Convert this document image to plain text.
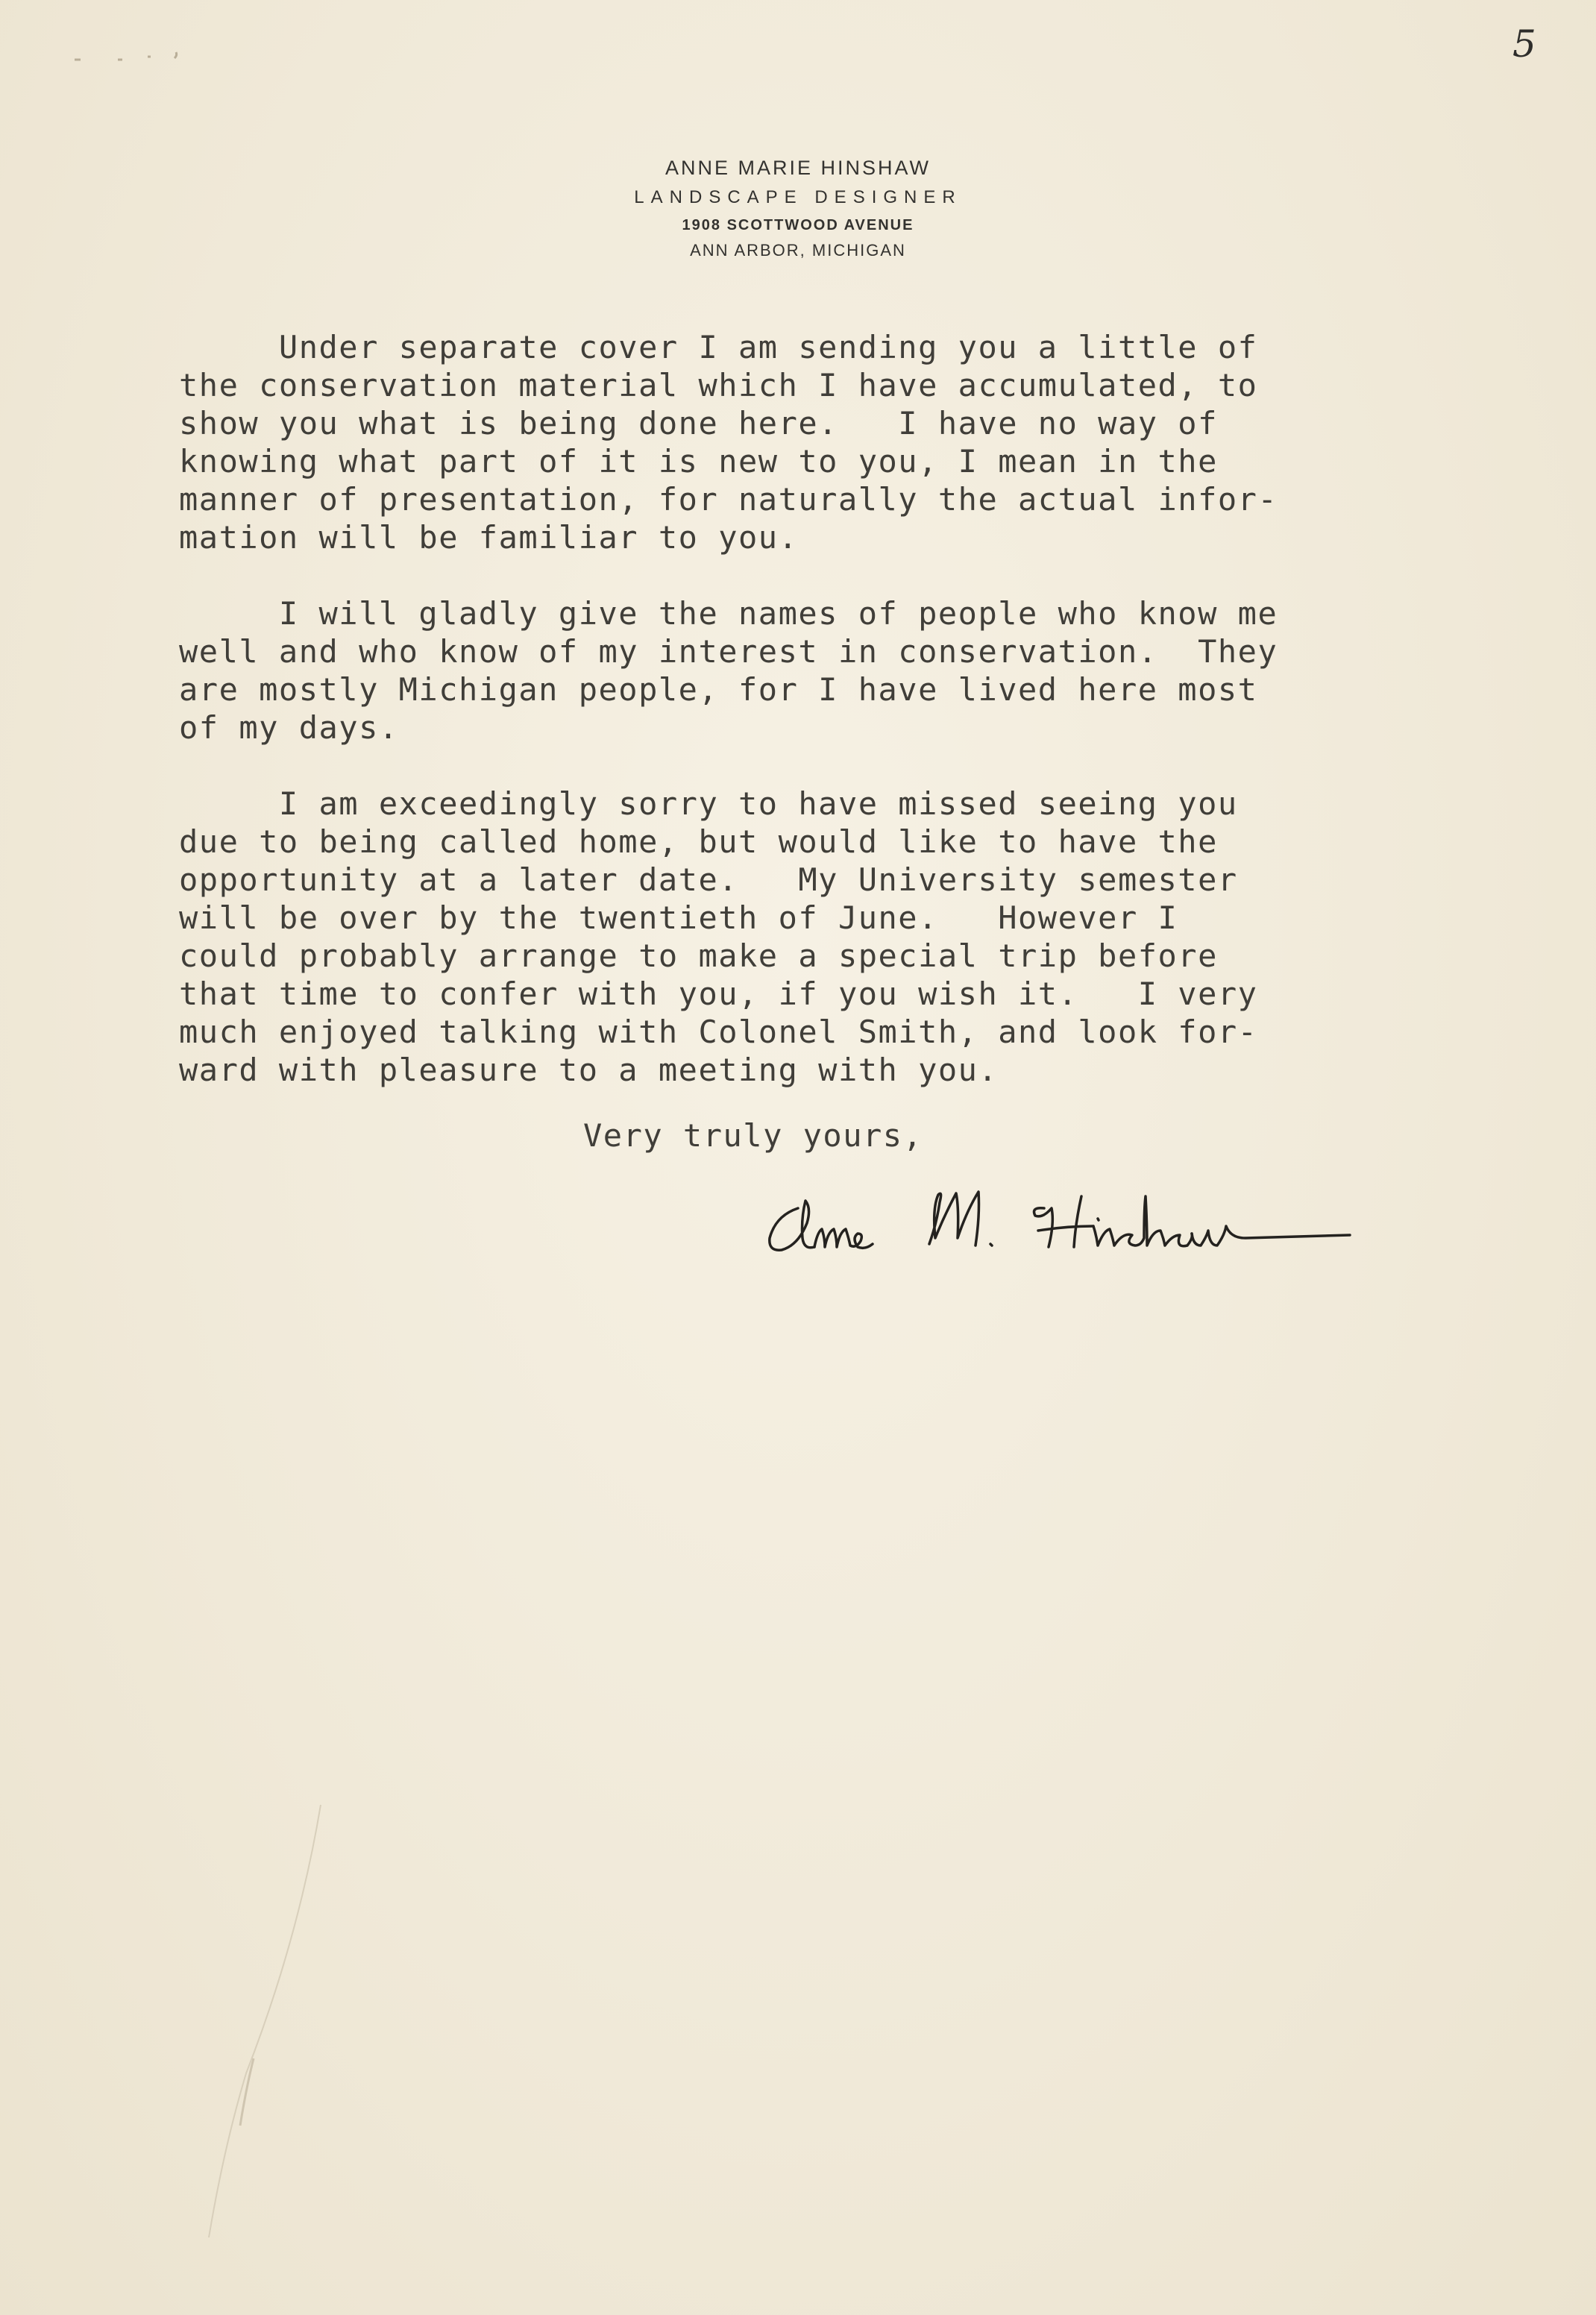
5
ANNE MARIE HINSHAW
LANDSCAPE DESIGNER
1908 SCOTTWOOD AVENUE
ANN ARBOR, MICHIGAN
Under separate cover I am sending you a little of
the conservation material which I have accumulated, to
show you what is being done here.   I have no way of
knowing what part of it is new to you, I mean in the
manner of presentation, for naturally the actual infor-
mation will be familiar to you.
I will gladly give the names of people who know me
well and who know of my interest in conservation.  They
are mostly Michigan people, for I have lived here most
of my days.
I am exceedingly sorry to have missed seeing you
due to being called home, but would like to have the
opportunity at a later date.   My University semester
will be over by the twentieth of June.   However I
could probably arrange to make a special trip before
that time to confer with you, if you wish it.   I very
much enjoyed talking with Colonel Smith, and look for-
ward with pleasure to a meeting with you.
Very truly yours,
